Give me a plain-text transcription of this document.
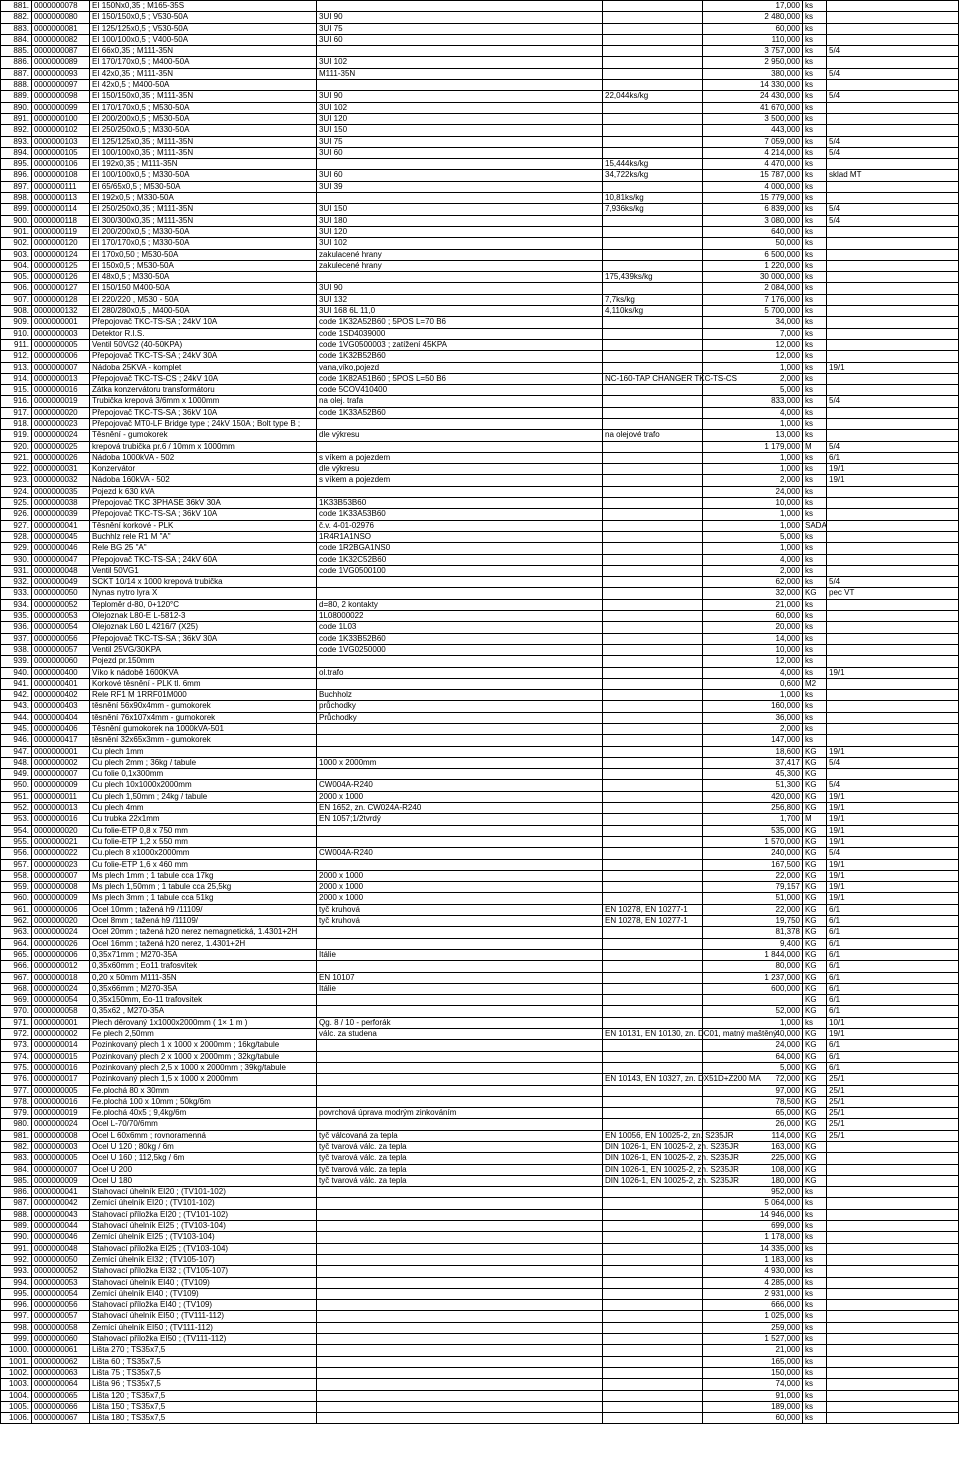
881.	0000000078	EI 150Nx0,35 ; M165-35S			17,000	ks	
882.	0000000080	EI 150/150x0,5 ; V530-50A	3UI 90		2 480,000	ks	
883.	0000000081	EI 125/125x0,5 ; V530-50A	3UI 75		60,000	ks	
884.	0000000082	EI 100/100x0,5 ; V400-50A	3UI 60		110,000	ks	
885.	0000000087	EI 66x0,35 ; M111-35N			3 757,000	ks	5/4
886.	0000000089	EI 170/170x0,5 ; M400-50A	3UI 102		2 950,000	ks	
887.	0000000093	EI 42x0,35 ; M111-35N	M111-35N		380,000	ks	5/4
888.	0000000097	EI 42x0,5 ; M400-50A			14 330,000	ks	
889.	0000000098	EI 150/150x0,35 ; M111-35N	3UI 90	22,044ks/kg	24 430,000	ks	5/4
890.	0000000099	EI 170/170x0,5 ; M530-50A	3UI 102		41 670,000	ks	
891.	0000000100	EI 200/200x0,5 ; M530-50A	3UI 120		3 500,000	ks	
892.	0000000102	EI 250/250x0,5 ; M330-50A	3UI 150		443,000	ks	
893.	0000000103	EI 125/125x0,35 ; M111-35N	3UI 75		7 059,000	ks	5/4
894.	0000000105	EI 100/100x0,35 ; M111-35N	3UI 60		4 214,000	ks	5/4
895.	0000000106	EI 192x0,35 ; M111-35N		15,444ks/kg	4 470,000	ks	
896.	0000000108	EI 100/100x0,5 ; M330-50A	3UI 60	34,722ks/kg	15 787,000	ks	sklad MT
897.	0000000111	EI 65/65x0,5 ; M530-50A	3UI 39		4 000,000	ks	
898.	0000000113	EI 192x0,5 ; M330-50A		10,81ks/kg	15 779,000	ks	
899.	0000000114	EI 250/250x0,35 ; M111-35N	3UI 150	7,936ks/kg	6 839,000	ks	5/4
900.	0000000118	EI 300/300x0,35 ; M111-35N	3UI 180		3 080,000	ks	5/4
901.	0000000119	EI 200/200x0,5 ; M330-50A	3UI 120		640,000	ks	
902.	0000000120	EI 170/170x0,5 ; M330-50A	3UI 102		50,000	ks	
903.	0000000124	EI 170x0,50 ; M530-50A	zakulacené hrany		6 500,000	ks	
904.	0000000125	EI 150x0,5 ; M530-50A	zakulecené hrany		1 220,000	ks	
905.	0000000126	EI 48x0,5 ; M330-50A		175,439ks/kg	30 000,000	ks	
906.	0000000127	EI 150/150 M400-50A	3UI 90		2 084,000	ks	
907.	0000000128	EI 220/220 , M530 - 50A	3UI 132	7,7ks/kg	7 176,000	ks	
908.	0000000132	EI 280/280x0,5 , M400-50A	3UI 168 6L 11,0	4,110ks/kg	5 700,000	ks	
909.	0000000001	Přepojovač TKC-TS-SA ; 24kV 10A	code 1K32A52B60 ; 5POS L=70 B6		34,000	ks	
910.	0000000003	Detektor R.I.S.	code 1SD4039000		7,000	ks	
911.	0000000005	Ventil 50VG2 (40-50KPA)	code 1VG0500003 ; zatížení 45KPA		12,000	ks	
912.	0000000006	Přepojovač TKC-TS-SA ; 24kV 30A	code 1K32B52B60		12,000	ks	
913.	0000000007	Nádoba 25KVA - komplet	vana,víko,pojezd		1,000	ks	19/1
914.	0000000013	Přepojovač TKC-TS-CS ; 24kV 10A	code 1K82A51B60 ; 5POS L=50 B6	NC-160-TAP CHANGER TKC-TS-CS	2,000	ks	
915.	0000000016	Zátka konzervátoru transformátoru	code 5COV410400		5,000	ks	
916.	0000000019	Trubička krepová 3/6mm x 1000mm	na olej. trafa		833,000	ks	5/4
917.	0000000020	Přepojovač TKC-TS-SA ; 36kV 10A	code 1K33A52B60		4,000	ks	
918.	0000000023	Přepojovač MT0-LF Bridge type ; 24kV 150A ; Bolt type B ;			1,000	ks	
919.	0000000024	Těsnění - gumokorek	dle výkresu	na olejové trafo	13,000	ks	
920.	0000000025	krepová trubička pr.6 / 10mm x 1000mm			1 179,000	M	5/4
921.	0000000026	Nádoba 1000kVA - 502	s víkem a pojezdem		1,000	ks	6/1
922.	0000000031	Konzervátor	dle výkresu		1,000	ks	19/1
923.	0000000032	Nádoba 160kVA - 502	s víkem a pojezdem		2,000	ks	19/1
924.	0000000035	Pojezd k 630 kVA			24,000	ks	
925.	0000000038	Přepojovač TKC 3PHASE 36kV 30A	1K33B53B60		10,000	ks	
926.	0000000039	Přepojovač TKC-TS-SA ; 36kV 10A	code 1K33A53B60		1,000	ks	
927.	0000000041	Těsnění korkové - PLK	č.v. 4-01-02976		1,000	SADA	
928.	0000000045	Buchhlz rele R1 M "A"	1R4R1A1NSO		5,000	ks	
929.	0000000046	Rele BG 25 "A"	code 1R2BGA1NS0		1,000	ks	
930.	0000000047	Přepojovač TKC-TS-SA ; 24kV 60A	code 1K32C52B60		4,000	ks	
931.	0000000048	Ventil 50VG1	code 1VG0500100		2,000	ks	
932.	0000000049	SCKT 10/14 x 1000 krepová trubička			62,000	ks	5/4
933.	0000000050	Nynas nytro lyra X			32,000	KG	pec VT
934.	0000000052	Teploměr d-80, 0+120°C	d=80, 2 kontakty		21,000	ks	
935.	0000000053	Olejoznak L80-E L-5812-3	1L08000022		60,000	ks	
936.	0000000054	Olejoznak L60 L 4216/7 (X25)	code 1L03		20,000	ks	
937.	0000000056	Přepojovač TKC-TS-SA ; 36kV 30A	code 1K33B52B60		14,000	ks	
938.	0000000057	Ventil 25VG/30KPA	code 1VG0250000		10,000	ks	
939.	0000000060	Pojezd pr.150mm			12,000	ks	
940.	0000000400	Víko k nádobě 1600KVA	ol.trafo		4,000	ks	19/1
941.	0000000401	Korkové těsnění - PLK tl. 6mm			0,600	M2	
942.	0000000402	Rele RF1 M 1RRF01M000	Buchholz		1,000	ks	
943.	0000000403	těsnění 56x90x4mm - gumokorek	průchodky		160,000	ks	
944.	0000000404	těsnění 76x107x4mm - gumokorek	Průchodky		36,000	ks	
945.	0000000406	Těsnění gumokorek na 1000kVA-501			2,000	ks	
946.	0000000417	těsnění 32x65x3mm - gumokorek			147,000	ks	
947.	0000000001	Cu plech 1mm			18,600	KG	19/1
948.	0000000002	Cu plech 2mm ; 36kg / tabule	1000 x 2000mm		37,417	KG	5/4
949.	0000000007	Cu folie 0,1x300mm			45,300	KG	
950.	0000000009	Cu plech 10x1000x2000mm	CW004A-R240		51,300	KG	5/4
951.	0000000011	Cu plech 1,50mm ; 24kg / tabule	2000 x 1000		420,000	KG	19/1
952.	0000000013	Cu plech 4mm	EN 1652, zn. CW024A-R240		256,800	KG	19/1
953.	0000000016	Cu trubka 22x1mm	EN 1057;1/2tvrdý		1,700	M	19/1
954.	0000000020	Cu folie-ETP 0,8 x 750 mm			535,000	KG	19/1
955.	0000000021	Cu folie-ETP 1,2 x 550 mm			1 570,000	KG	19/1
956.	0000000022	Cu.plech 8 x1000x2000mm	CW004A-R240		240,000	KG	5/4
957.	0000000023	Cu folie-ETP 1,6 x 460 mm			167,500	KG	19/1
958.	0000000007	Ms plech 1mm ; 1 tabule cca 17kg	2000 x 1000		22,000	KG	19/1
959.	0000000008	Ms plech 1,50mm ; 1 tabule cca 25,5kg	2000 x 1000		79,157	KG	19/1
960.	0000000009	Ms plech 3mm ; 1 tabule cca 51kg	2000 x 1000		51,000	KG	19/1
961.	0000000006	Ocel 10mm ; tažená h9 /11109/	tyč kruhová	EN 10278, EN 10277-1	22,000	KG	6/1
962.	0000000020	Ocel 8mm ; tažená h9 /11109/	tyč kruhová	EN 10278, EN 10277-1	19,750	KG	6/1
963.	0000000024	Ocel 20mm ; tažená h20 nerez nemagnetická, 1.4301+2H			81,378	KG	6/1
964.	0000000026	Ocel 16mm ; tažená h20 nerez, 1.4301+2H			9,400	KG	6/1
965.	0000000006	0,35x71mm ; M270-35A	Itálie		1 844,000	KG	6/1
966.	0000000012	0,35x60mm ; Eo11 trafosvitek			80,000	KG	6/1
967.	0000000018	0,20 x 50mm M111-35N	EN 10107		1 237,000	KG	6/1
968.	0000000024	0,35x66mm ; M270-35A	Itálie		600,000	KG	6/1
969.	0000000054	0,35x150mm, Eo-11 trafovsitek				KG	6/1
970.	0000000058	0,35x62 , M270-35A			52,000	KG	6/1
971.	0000000001	Plech děrovaný 1x1000x2000mm ( 1× 1 m )	Qg. 8 / 10 - perforák		1,000	ks	10/1
972.	0000000002	Fe plech 2,50mm	válc. za studena	EN 10131, EN 10130, zn. DC01, matný maštěný	40,000	KG	19/1
973.	0000000014	Pozinkovaný plech 1 x 1000 x 2000mm ; 16kg/tabule			24,000	KG	6/1
974.	0000000015	Pozinkovaný plech 2 x 1000 x 2000mm ; 32kg/tabule			64,000	KG	6/1
975.	0000000016	Pozinkovaný plech 2,5 x 1000 x 2000mm ; 39kg/tabule			5,000	KG	6/1
976.	0000000017	Pozinkovaný plech 1,5 x 1000 x 2000mm		EN 10143, EN 10327, zn. DX51D+Z200 MA	72,000	KG	25/1
977.	0000000005	Fe.plochá 80 x 30mm			97,000	KG	25/1
978.	0000000016	Fe.plochá 100 x 10mm ; 50kg/6m			78,500	KG	25/1
979.	0000000019	Fe.plochá 40x5 ; 9,4kg/6m	povrchová úprava modrým zinkováním		65,000	KG	25/1
980.	0000000024	Ocel L-70/70/6mm			26,000	KG	25/1
981.	0000000008	Ocel L 60x6mm ; rovnoramenná	tyč válcovaná za tepla	EN 10056, EN 10025-2, zn. S235JR	114,000	KG	25/1
982.	0000000003	Ocel U 120 ; 80kg / 6m	tyč tvarová válc. za tepla	DIN 1026-1, EN 10025-2, zn. S235JR	163,000	KG	
983.	0000000005	Ocel U 160 ; 112,5kg / 6m	tyč tvarová válc. za tepla	DIN 1026-1, EN 10025-2, zn. S235JR	225,000	KG	
984.	0000000007	Ocel U 200	tyč tvarová válc. za tepla	DIN 1026-1, EN 10025-2, zn. S235JR	108,000	KG	
985.	0000000009	Ocel U 180	tyč tvarová válc. za tepla	DIN 1026-1, EN 10025-2, zn. S235JR	180,000	KG	
986.	0000000041	Stahovací úhelník EI20 ; (TV101-102)			952,000	ks	
987.	0000000042	Zemící úhelník EI20 ; (TV101-102)			5 064,000	ks	
988.	0000000043	Stahovací příložka EI20 ; (TV101-102)			14 946,000	ks	
989.	0000000044	Stahovací úhelník EI25 ; (TV103-104)			699,000	ks	
990.	0000000046	Zemící úhelník EI25 ; (TV103-104)			1 178,000	ks	
991.	0000000048	Stahovací příložka EI25 ; (TV103-104)			14 335,000	ks	
992.	0000000050	Zemící úhelník EI32 ; (TV105-107)			1 183,000	ks	
993.	0000000052	Stahovací příložka EI32 ; (TV105-107)			4 930,000	ks	
994.	0000000053	Stahovací úhelník EI40 ; (TV109)			4 285,000	ks	
995.	0000000054	Zemící úhelník EI40 ; (TV109)			2 931,000	ks	
996.	0000000056	Stahovací příložka EI40 ; (TV109)			666,000	ks	
997.	0000000057	Stahovací úhelník EI50 ; (TV111-112)			1 025,000	ks	
998.	0000000058	Zemící úhelník EI50 ; (TV111-112)			259,000	ks	
999.	0000000060	Stahovací příložka EI50 ; (TV111-112)			1 527,000	ks	
1000.	0000000061	Lišta 270 ; TS35x7,5			21,000	ks	
1001.	0000000062	Lišta 60 ; TS35x7,5			165,000	ks	
1002.	0000000063	Lišta 75 ; TS35x7,5			150,000	ks	
1003.	0000000064	Lišta 96 ; TS35x7,5			74,000	ks	
1004.	0000000065	Lišta 120 ; TS35x7,5			91,000	ks	
1005.	0000000066	Lišta 150 ; TS35x7,5			189,000	ks	
1006.	0000000067	Lišta 180 ; TS35x7,5			60,000	ks	
